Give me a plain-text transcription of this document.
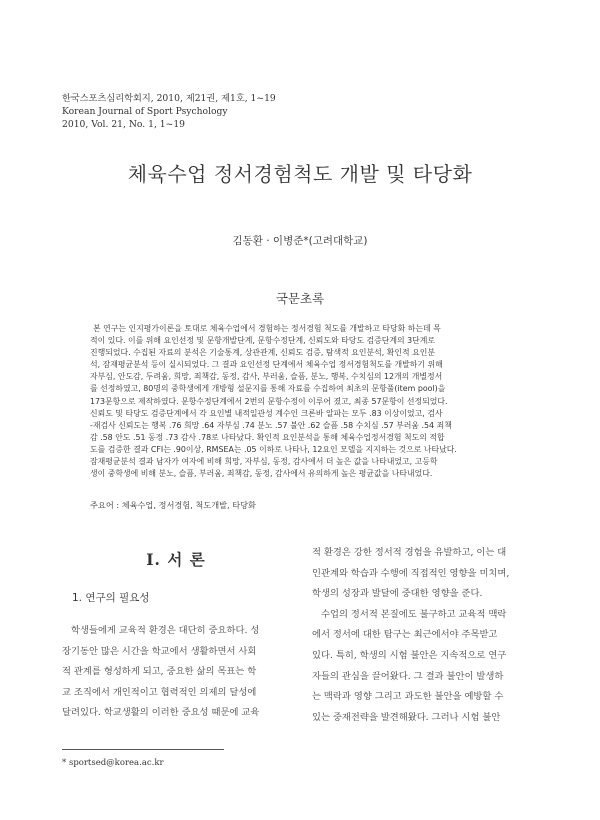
한국스포츠심리학회지, 2010, 제21권, 제1호, 1~19
Korean Journal of Sport Psychology
2010, Vol. 21, No. 1, 1~19
체육수업 정서경험척도 개발 및 타당화
김동환 · 이병준*(고려대학교)
국문초록
본 연구는 인지평가이론을 토대로 체육수업에서 경험하는 정서경험 척도를 개발하고 타당화 하는데 목
적이 있다. 이를 위해 요인선정 및 문항개발단계, 문항수정단계, 신뢰도와 타당도 검증단계의 3단계로
진행되었다. 수집된 자료의 분석은 기술통계, 상관관계, 신뢰도 검증, 탐색적 요인분석, 확인적 요인분
석, 잠재평균분석 등이 실시되었다. 그 결과 요인선정 단계에서 체육수업 정서경험척도를 개발하기 위해
자부심, 안도감, 두려움, 희망, 죄책감, 동정, 감사, 부러움, 슬픔, 분노, 행복, 수치심의 12개의 개별정서
를 선정하였고, 80명의 중학생에게 개방형 설문지를 통해 자료를 수집하여 최초의 문항풀(item pool)을
173문항으로 제작하였다. 문항수정단계에서 2번의 문항수정이 이루어 졌고, 최종 57문항이 선정되었다.
신뢰도 및 타당도 검증단계에서 각 요인별 내적일관성 계수인 크론바 알파는 모두 .83 이상이었고, 검사
-재검사 신뢰도는 행복 .76 희망 .64 자부심 .74 분노 .57 불안 .62 슬픔 .58 수치심 .57 부러움 .54 죄책
감 .58 안도 .51 동정 .73 감사 .78로 나타났다. 확인적 요인분석을 통해 체육수업정서경험 척도의 적합
도를 검증한 결과 CFI는 .90이상, RMSEA는 .05 이하로 나타나, 12요인 모델을 지지하는 것으로 나타났다.
잠재평균분석 결과 남자가 여자에 비해 희망, 자부심, 동정, 감사에서 더 높은 값을 나타내었고, 고등학
생이 중학생에 비해 분노, 슬픔, 부러움, 죄책감, 동정, 감사에서 유의하게 높은 평균값을 나타내었다.
주요어 : 체육수업, 정서경험, 척도개발, 타당화
I. 서 론
1. 연구의 필요성
학생들에게 교육적 환경은 대단히 중요하다. 성
장기동안 많은 시간을 학교에서 생활하면서 사회
적 관계를 형성하게 되고, 중요한 삶의 목표는 학
교 조직에서 개인적이고 협력적인 의제의 달성에
달려있다. 학교생활의 이러한 중요성 때문에 교육
적 환경은 강한 정서적 경험을 유발하고, 이는 대
인관계와 학습과 수행에 직접적인 영향을 미치며,
학생의 성장과 발달에 중대한 영향을 준다.
수업의 정서적 본질에도 불구하고 교육적 맥락
에서 정서에 대한 탐구는 최근에서야 주목받고
있다. 특히, 학생의 시험 불안은 지속적으로 연구
자들의 관심을 끌어왔다. 그 결과 불안이 발생하
는 맥락과 영향 그리고 과도한 불안을 예방할 수
있는 중재전략을 발견해왔다. 그러나 시험 불안
* sportsed@korea.ac.kr
